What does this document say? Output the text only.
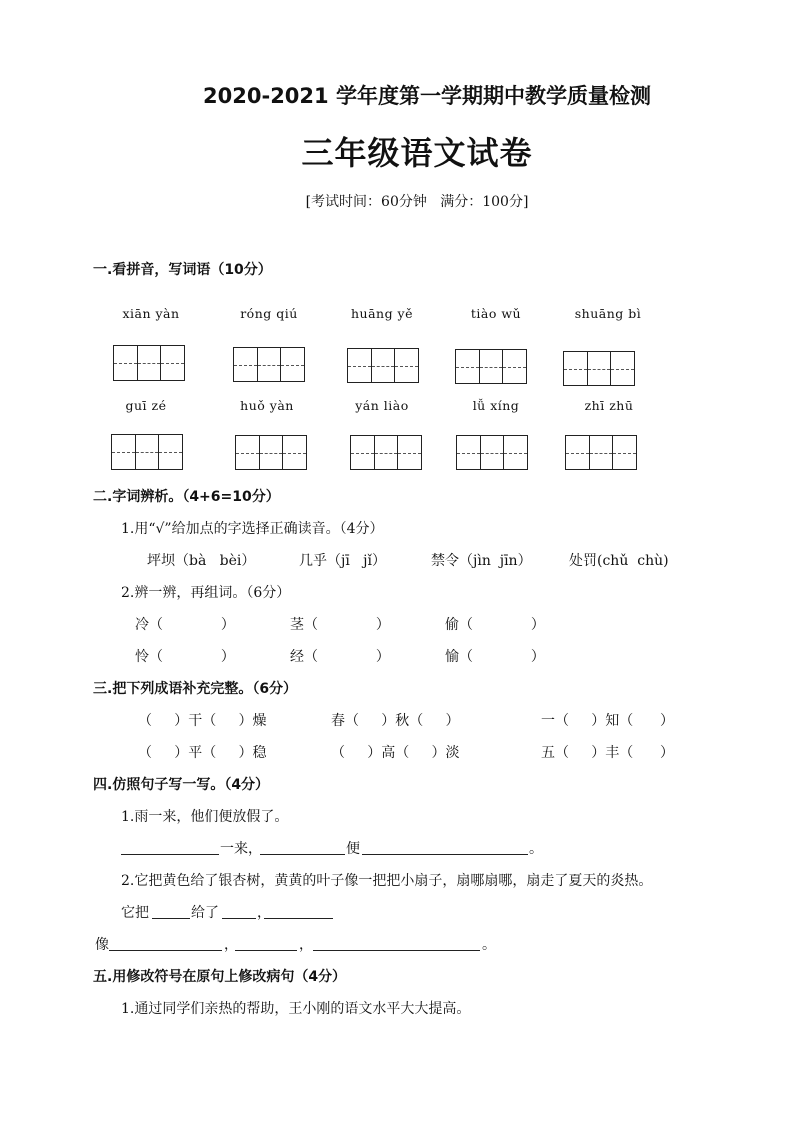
2020-2021 学年度第一学期期中教学质量检测
三年级语文试卷
[考试时间：60分钟   满分：100分]
一.看拼音，写词语（10分）
xiān yàn	róng qiú	huāng yě	tiào wǔ	shuāng bì
guī zé	huǒ yàn	yán liào	lǚ xíng	zhī zhū
二.字词辨析。（4+6=10分）
1.用“√”给加点的字选择正确读音。（4分）
坪坝（bà   bèi）	几乎（jī   jǐ）	禁令（jìn  jīn）	处罚(chǔ  chù)
2.辨一辨，再组词。（6分）
冷（             ）	茎（             ）	偷（             ）
怜（             ）	经（             ）	愉（             ）
三.把下列成语补充完整。（6分）
（     ）干（     ）燥	春（     ）秋（     ）	一（     ）知（      ）
（     ）平（     ）稳	（     ）高（     ）淡	五（     ）丰（      ）
四.仿照句子写一写。（4分）
1.雨一来，他们便放假了。
一来，	便	。
2.它把黄色给了银杏树，黄黄的叶子像一把把小扇子，扇哪扇哪，扇走了夏天的炎热。
它把	给了	，
像	，	，	。
五.用修改符号在原句上修改病句（4分）
1.通过同学们亲热的帮助，王小刚的语文水平大大提高。
